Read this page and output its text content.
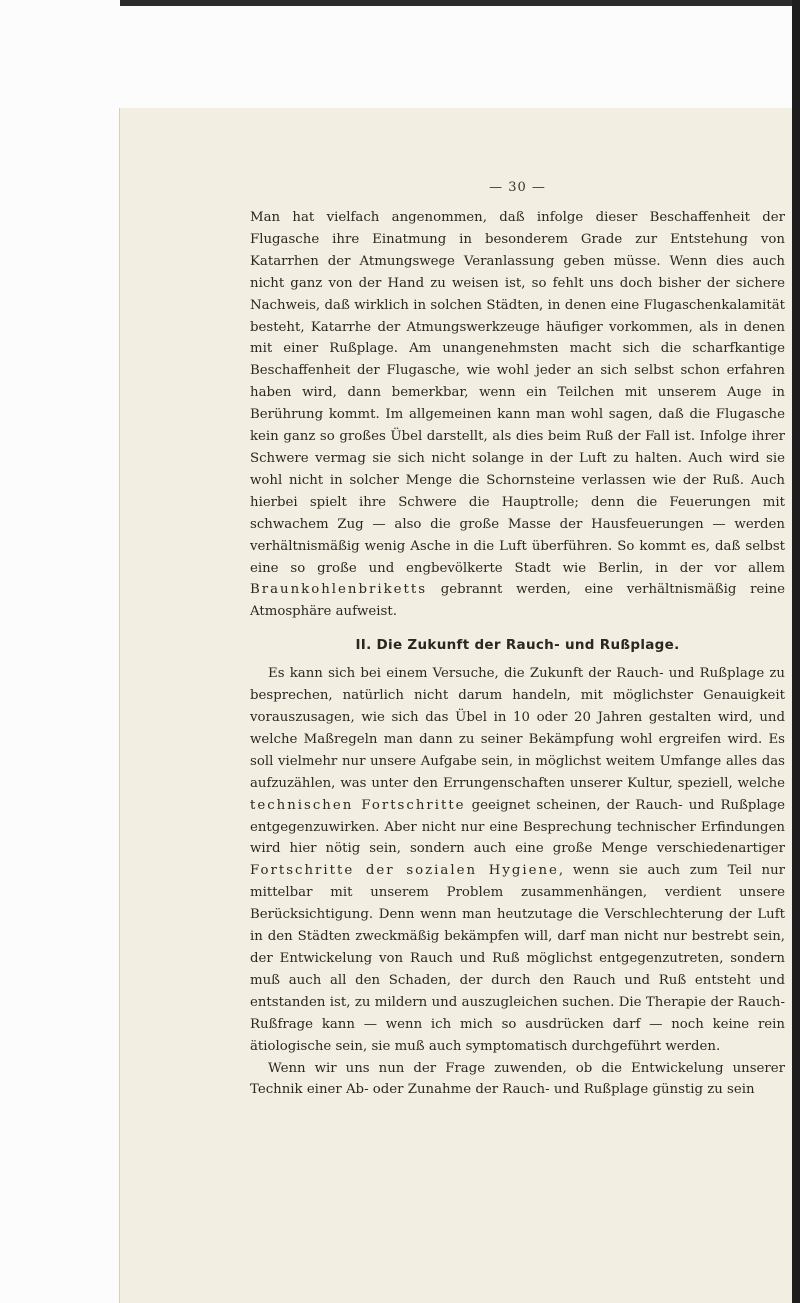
— 30 —

Man hat vielfach angenommen, daß infolge dieser Beschaffenheit der Flugasche ihre Einatmung in besonderem Grade zur Entstehung von Katarrhen der Atmungswege Veranlassung geben müsse. Wenn dies auch nicht ganz von der Hand zu weisen ist, so fehlt uns doch bisher der sichere Nachweis, daß wirklich in solchen Städten, in denen eine Flugaschenkalamität besteht, Katarrhe der Atmungswerkzeuge häufiger vorkommen, als in denen mit einer Rußplage. Am unangenehmsten macht sich die scharfkantige Beschaffenheit der Flugasche, wie wohl jeder an sich selbst schon erfahren haben wird, dann bemerkbar, wenn ein Teilchen mit unserem Auge in Berührung kommt. Im allgemeinen kann man wohl sagen, daß die Flugasche kein ganz so großes Übel darstellt, als dies beim Ruß der Fall ist. Infolge ihrer Schwere vermag sie sich nicht solange in der Luft zu halten. Auch wird sie wohl nicht in solcher Menge die Schornsteine verlassen wie der Ruß. Auch hierbei spielt ihre Schwere die Hauptrolle; denn die Feuerungen mit schwachem Zug — also die große Masse der Hausfeuerungen — werden verhältnismäßig wenig Asche in die Luft überführen. So kommt es, daß selbst eine so große und engbevölkerte Stadt wie Berlin, in der vor allem Braunkohlenbriketts gebrannt werden, eine verhältnismäßig reine Atmosphäre aufweist.

II. Die Zukunft der Rauch- und Rußplage.

Es kann sich bei einem Versuche, die Zukunft der Rauch- und Rußplage zu besprechen, natürlich nicht darum handeln, mit möglichster Genauigkeit vorauszusagen, wie sich das Übel in 10 oder 20 Jahren gestalten wird, und welche Maßregeln man dann zu seiner Bekämpfung wohl ergreifen wird. Es soll vielmehr nur unsere Aufgabe sein, in möglichst weitem Umfange alles das aufzuzählen, was unter den Errungenschaften unserer Kultur, speziell, welche technischen Fortschritte geeignet scheinen, der Rauch- und Rußplage entgegenzuwirken. Aber nicht nur eine Besprechung technischer Erfindungen wird hier nötig sein, sondern auch eine große Menge verschiedenartiger Fortschritte der sozialen Hygiene, wenn sie auch zum Teil nur mittelbar mit unserem Problem zusammenhängen, verdient unsere Berücksichtigung. Denn wenn man heutzutage die Verschlechterung der Luft in den Städten zweckmäßig bekämpfen will, darf man nicht nur bestrebt sein, der Entwickelung von Rauch und Ruß möglichst entgegenzutreten, sondern muß auch all den Schaden, der durch den Rauch und Ruß entsteht und entstanden ist, zu mildern und auszugleichen suchen. Die Therapie der Rauch-Rußfrage kann — wenn ich mich so ausdrücken darf — noch keine rein ätiologische sein, sie muß auch symptomatisch durchgeführt werden.

Wenn wir uns nun der Frage zuwenden, ob die Entwickelung unserer Technik einer Ab- oder Zunahme der Rauch- und Rußplage günstig zu sein
